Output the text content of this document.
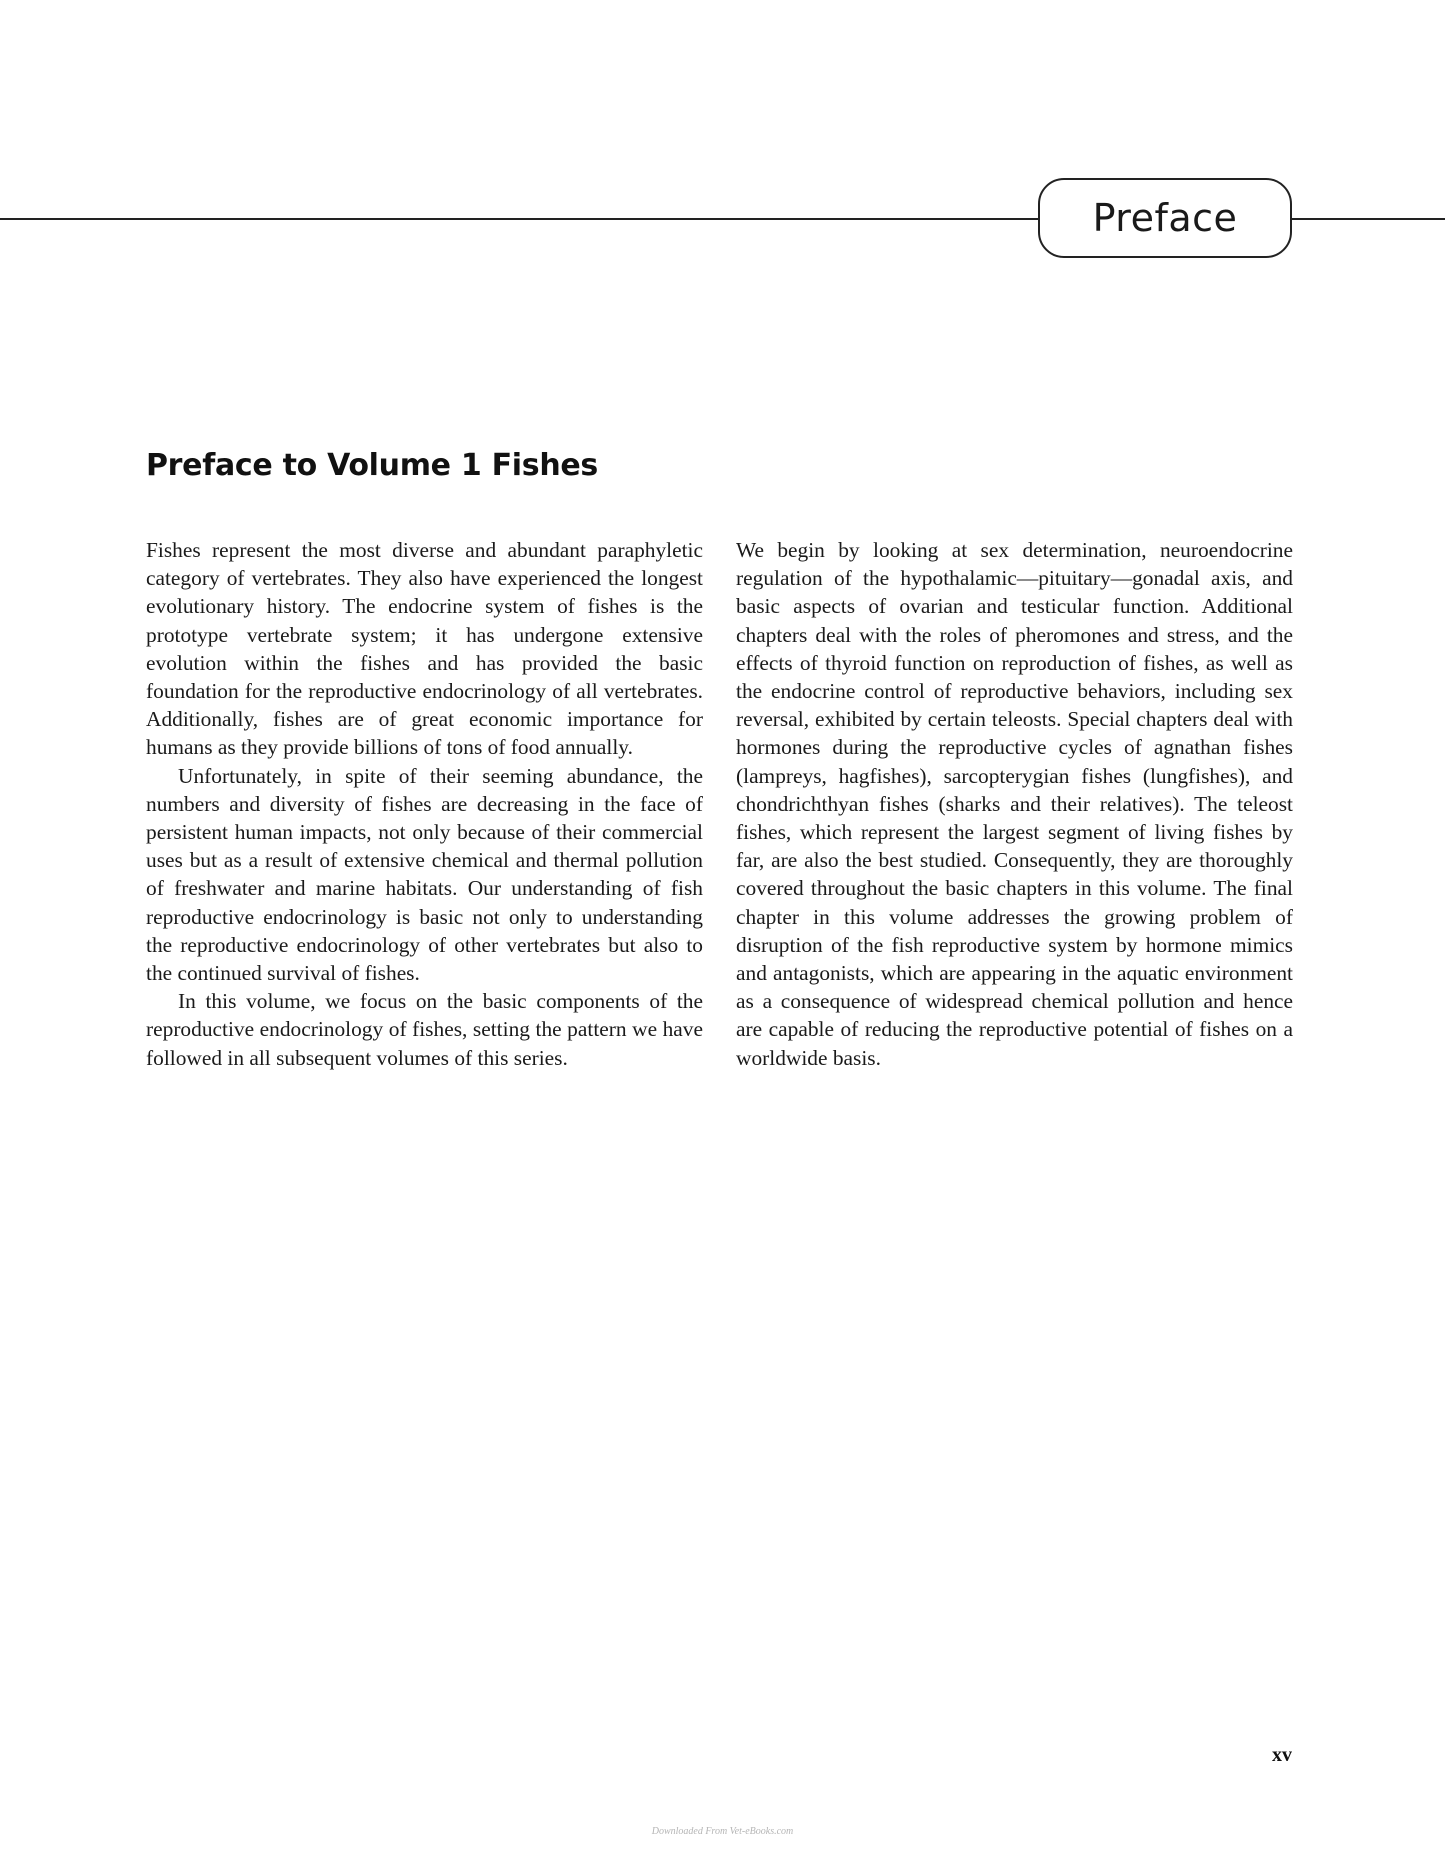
Preface
Preface to Volume 1 Fishes

Fishes represent the most diverse and abundant paraphyletic category of vertebrates. They also have experienced the longest evolutionary history. The endocrine system of fishes is the prototype vertebrate system; it has undergone extensive evolution within the fishes and has provided the basic foundation for the reproductive endocrinology of all vertebrates. Additionally, fishes are of great economic importance for humans as they provide billions of tons of food annually.

Unfortunately, in spite of their seeming abundance, the numbers and diversity of fishes are decreasing in the face of persistent human impacts, not only because of their commercial uses but as a result of extensive chemical and thermal pollution of freshwater and marine habitats. Our understanding of fish reproductive endocrinology is basic not only to understanding the reproductive endocrinology of other vertebrates but also to the continued survival of fishes.

In this volume, we focus on the basic components of the reproductive endocrinology of fishes, setting the pattern we have followed in all subsequent volumes of this series.

We begin by looking at sex determination, neuroendocrine regulation of the hypothalamic—pituitary—gonadal axis, and basic aspects of ovarian and testicular function. Additional chapters deal with the roles of pheromones and stress, and the effects of thyroid function on reproduction of fishes, as well as the endocrine control of reproductive behaviors, including sex reversal, exhibited by certain teleosts. Special chapters deal with hormones during the reproductive cycles of agnathan fishes (lampreys, hagfishes), sarcopterygian fishes (lungfishes), and chondrichthyan fishes (sharks and their relatives). The teleost fishes, which represent the largest segment of living fishes by far, are also the best studied. Consequently, they are thoroughly covered throughout the basic chapters in this volume. The final chapter in this volume addresses the growing problem of disruption of the fish reproductive system by hormone mimics and antagonists, which are appearing in the aquatic environment as a consequence of widespread chemical pollution and hence are capable of reducing the reproductive potential of fishes on a worldwide basis.

xv
Downloaded From Vet-eBooks.com
